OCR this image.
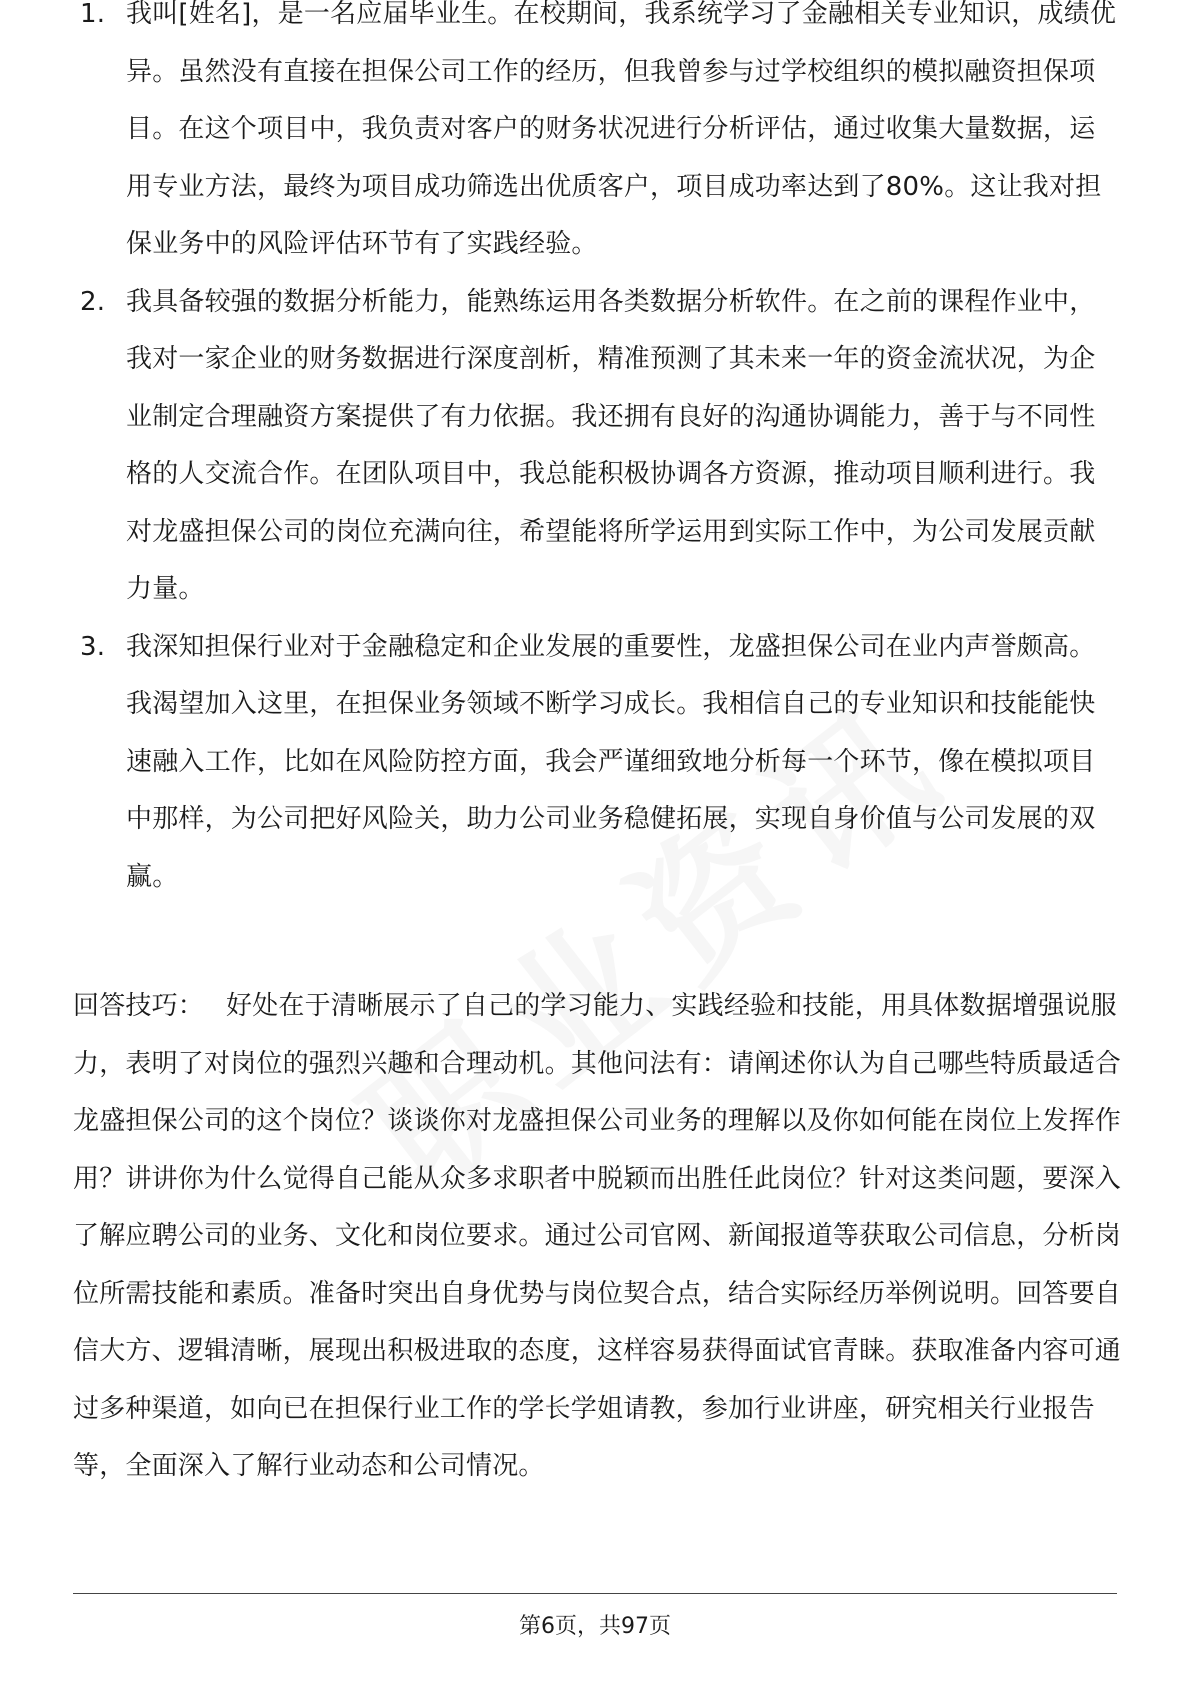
1. 我叫[姓名]，是一名应届毕业生。在校期间，我系统学习了金融相关专业知识，成绩优异。虽然没有直接在担保公司工作的经历，但我曾参与过学校组织的模拟融资担保项目。在这个项目中，我负责对客户的财务状况进行分析评估，通过收集大量数据，运用专业方法，最终为项目成功筛选出优质客户，项目成功率达到了80%。这让我对担保业务中的风险评估环节有了实践经验。
2. 我具备较强的数据分析能力，能熟练运用各类数据分析软件。在之前的课程作业中，我对一家企业的财务数据进行深度剖析，精准预测了其未来一年的资金流状况，为企业制定合理融资方案提供了有力依据。我还拥有良好的沟通协调能力，善于与不同性格的人交流合作。在团队项目中，我总能积极协调各方资源，推动项目顺利进行。我对龙盛担保公司的岗位充满向往，希望能将所学运用到实际工作中，为公司发展贡献力量。
3. 我深知担保行业对于金融稳定和企业发展的重要性，龙盛担保公司在业内声誉颇高。我渴望加入这里，在担保业务领域不断学习成长。我相信自己的专业知识和技能能快速融入工作，比如在风险防控方面，我会严谨细致地分析每一个环节，像在模拟项目中那样，为公司把好风险关，助力公司业务稳健拓展，实现自身价值与公司发展的双赢。
回答技巧： 好处在于清晰展示了自己的学习能力、实践经验和技能，用具体数据增强说服力，表明了对岗位的强烈兴趣和合理动机。其他问法有：请阐述你认为自己哪些特质最适合龙盛担保公司的这个岗位？谈谈你对龙盛担保公司业务的理解以及你如何能在岗位上发挥作用？讲讲你为什么觉得自己能从众多求职者中脱颖而出胜任此岗位？针对这类问题，要深入了解应聘公司的业务、文化和岗位要求。通过公司官网、新闻报道等获取公司信息，分析岗位所需技能和素质。准备时突出自身优势与岗位契合点，结合实际经历举例说明。回答要自信大方、逻辑清晰，展现出积极进取的态度，这样容易获得面试官青睐。获取准备内容可通过多种渠道，如向已在担保行业工作的学长学姐请教，参加行业讲座，研究相关行业报告等，全面深入了解行业动态和公司情况。
第6页，共97页
